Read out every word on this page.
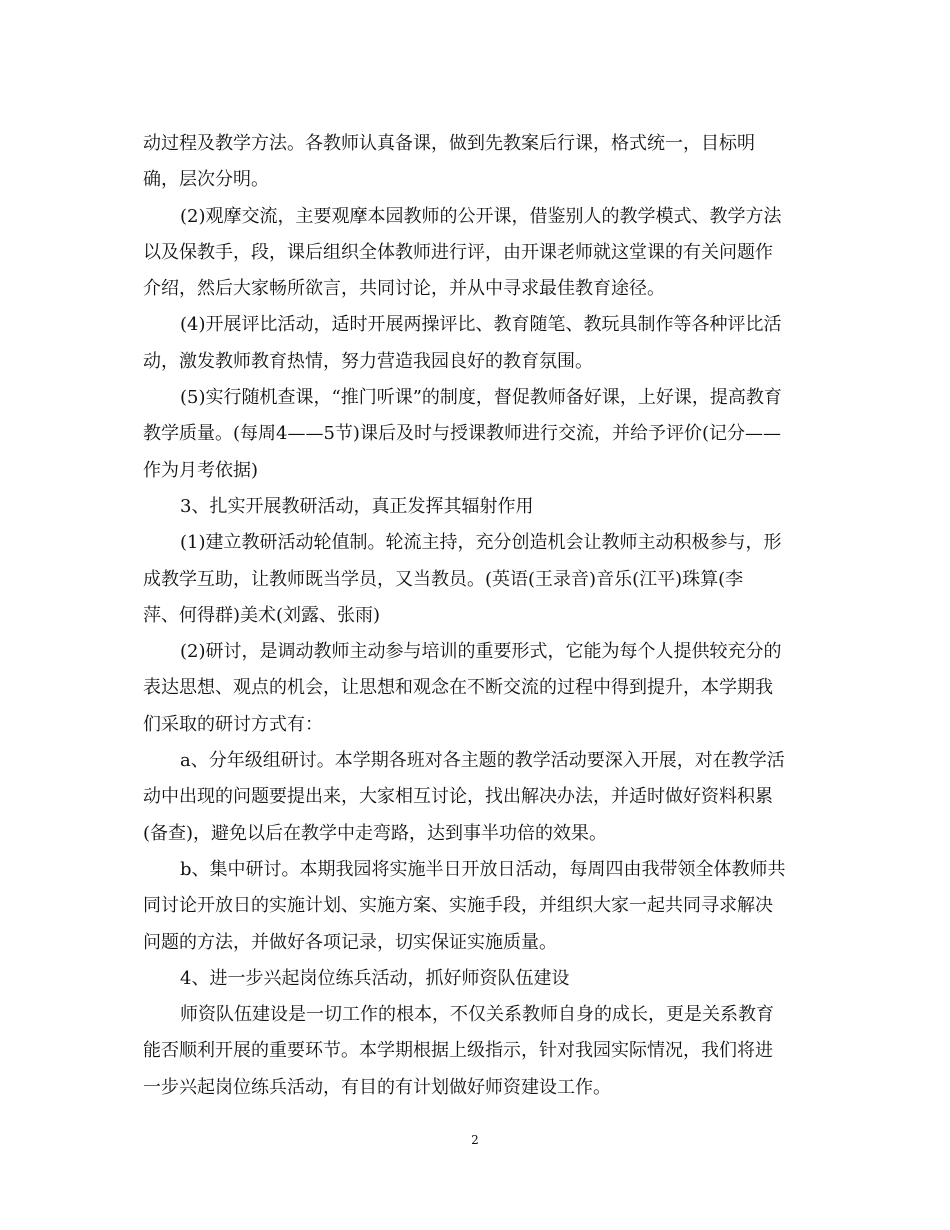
动过程及教学方法。各教师认真备课，做到先教案后行课，格式统一，目标明
确，层次分明。
(2)观摩交流，主要观摩本园教师的公开课，借鉴别人的教学模式、教学方法
以及保教手，段，课后组织全体教师进行评，由开课老师就这堂课的有关问题作
介绍，然后大家畅所欲言，共同讨论，并从中寻求最佳教育途径。
(4)开展评比活动，适时开展两操评比、教育随笔、教玩具制作等各种评比活
动，激发教师教育热情，努力营造我园良好的教育氛围。
(5)实行随机查课，“推门听课”的制度，督促教师备好课，上好课，提高教育
教学质量。(每周4——5节)课后及时与授课教师进行交流，并给予评价(记分——
作为月考依据)
3、扎实开展教研活动，真正发挥其辐射作用
(1)建立教研活动轮值制。轮流主持，充分创造机会让教师主动积极参与，形
成教学互助，让教师既当学员，又当教员。(英语(王录音)音乐(江平)珠算(李
萍、何得群)美术(刘露、张雨)
(2)研讨，是调动教师主动参与培训的重要形式，它能为每个人提供较充分的
表达思想、观点的机会，让思想和观念在不断交流的过程中得到提升，本学期我
们采取的研讨方式有：
a、分年级组研讨。本学期各班对各主题的教学活动要深入开展，对在教学活
动中出现的问题要提出来，大家相互讨论，找出解决办法，并适时做好资料积累
(备查)，避免以后在教学中走弯路，达到事半功倍的效果。
b、集中研讨。本期我园将实施半日开放日活动，每周四由我带领全体教师共
同讨论开放日的实施计划、实施方案、实施手段，并组织大家一起共同寻求解决
问题的方法，并做好各项记录，切实保证实施质量。
4、进一步兴起岗位练兵活动，抓好师资队伍建设
师资队伍建设是一切工作的根本，不仅关系教师自身的成长，更是关系教育
能否顺利开展的重要环节。本学期根据上级指示，针对我园实际情况，我们将进
一步兴起岗位练兵活动，有目的有计划做好师资建设工作。
2
